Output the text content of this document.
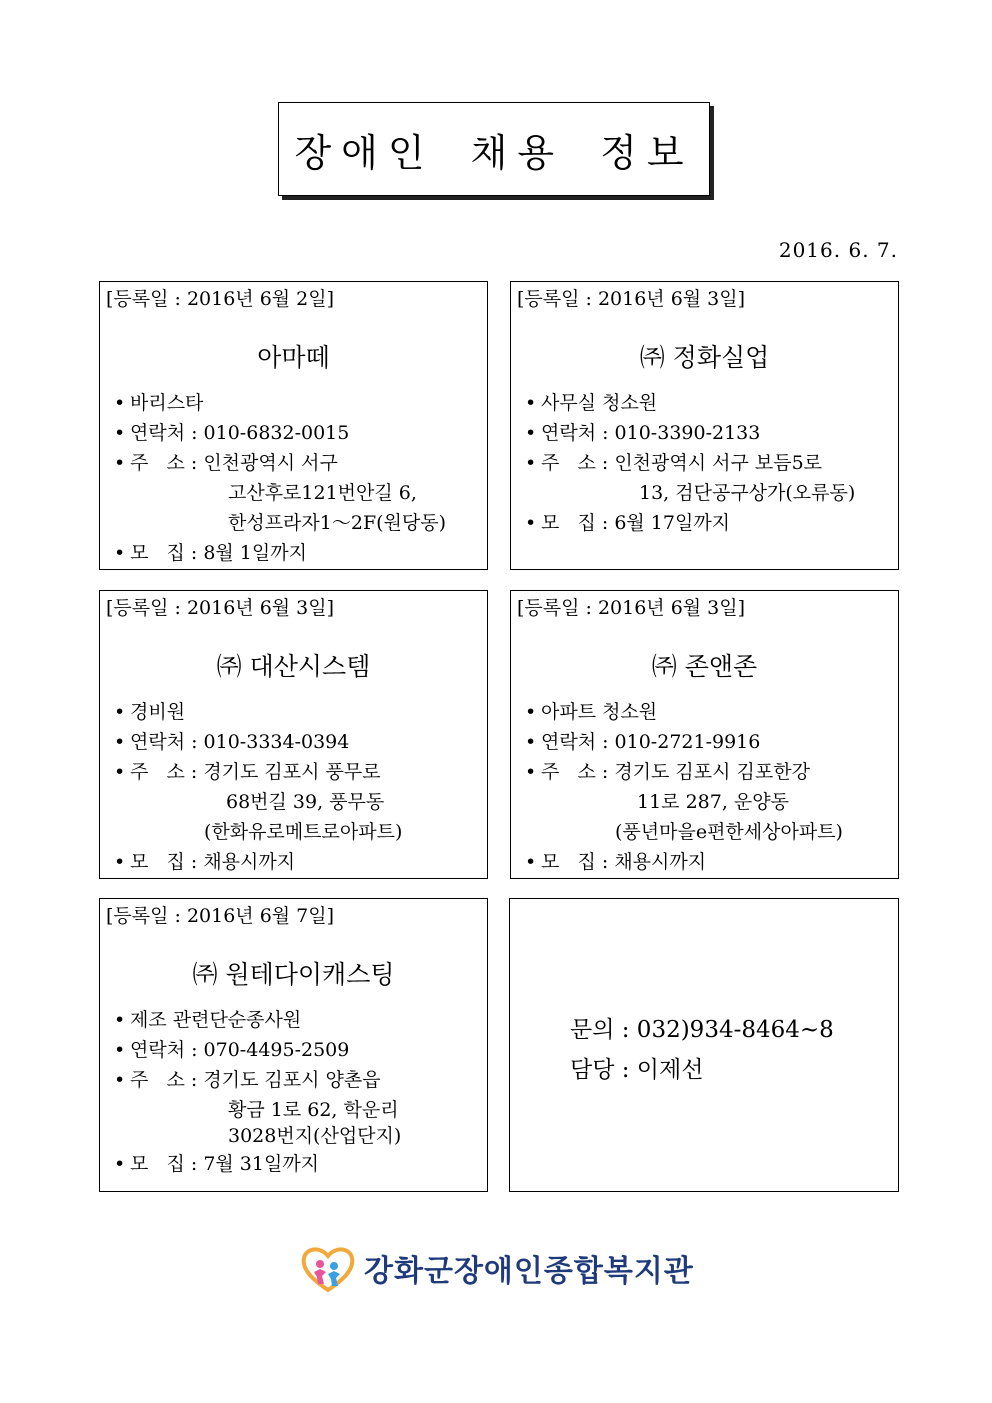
장애인 채용 정보
2016. 6. 7.
[등록일 : 2016년 6월 2일]
아마떼
• 바리스타
• 연락처 : 010-6832-0015
• 주   소 : 인천광역시 서구
고산후로121번안길 6,
한성프라자1～2F(원당동)
• 모   집 : 8월 1일까지
[등록일 : 2016년 6월 3일]
㈜ 정화실업
• 사무실 청소원
• 연락처 : 010-3390-2133
• 주   소 : 인천광역시 서구 보듬5로
13, 검단공구상가(오류동)
• 모   집 : 6월 17일까지
[등록일 : 2016년 6월 3일]
㈜ 대산시스템
• 경비원
• 연락처 : 010-3334-0394
• 주   소 : 경기도 김포시 풍무로
68번길 39, 풍무동
(한화유로메트로아파트)
• 모   집 : 채용시까지
[등록일 : 2016년 6월 3일]
㈜ 존앤존
• 아파트 청소원
• 연락처 : 010-2721-9916
• 주   소 : 경기도 김포시 김포한강
11로 287, 운양동
(풍년마을e편한세상아파트)
• 모   집 : 채용시까지
[등록일 : 2016년 6월 7일]
㈜ 원테다이캐스팅
• 제조 관련단순종사원
• 연락처 : 070-4495-2509
• 주   소 : 경기도 김포시 양촌읍
황금 1로 62, 학운리
3028번지(산업단지)
• 모   집 : 7월 31일까지
문의 : 032)934-8464~8
담당 : 이제선
강화군장애인종합복지관
